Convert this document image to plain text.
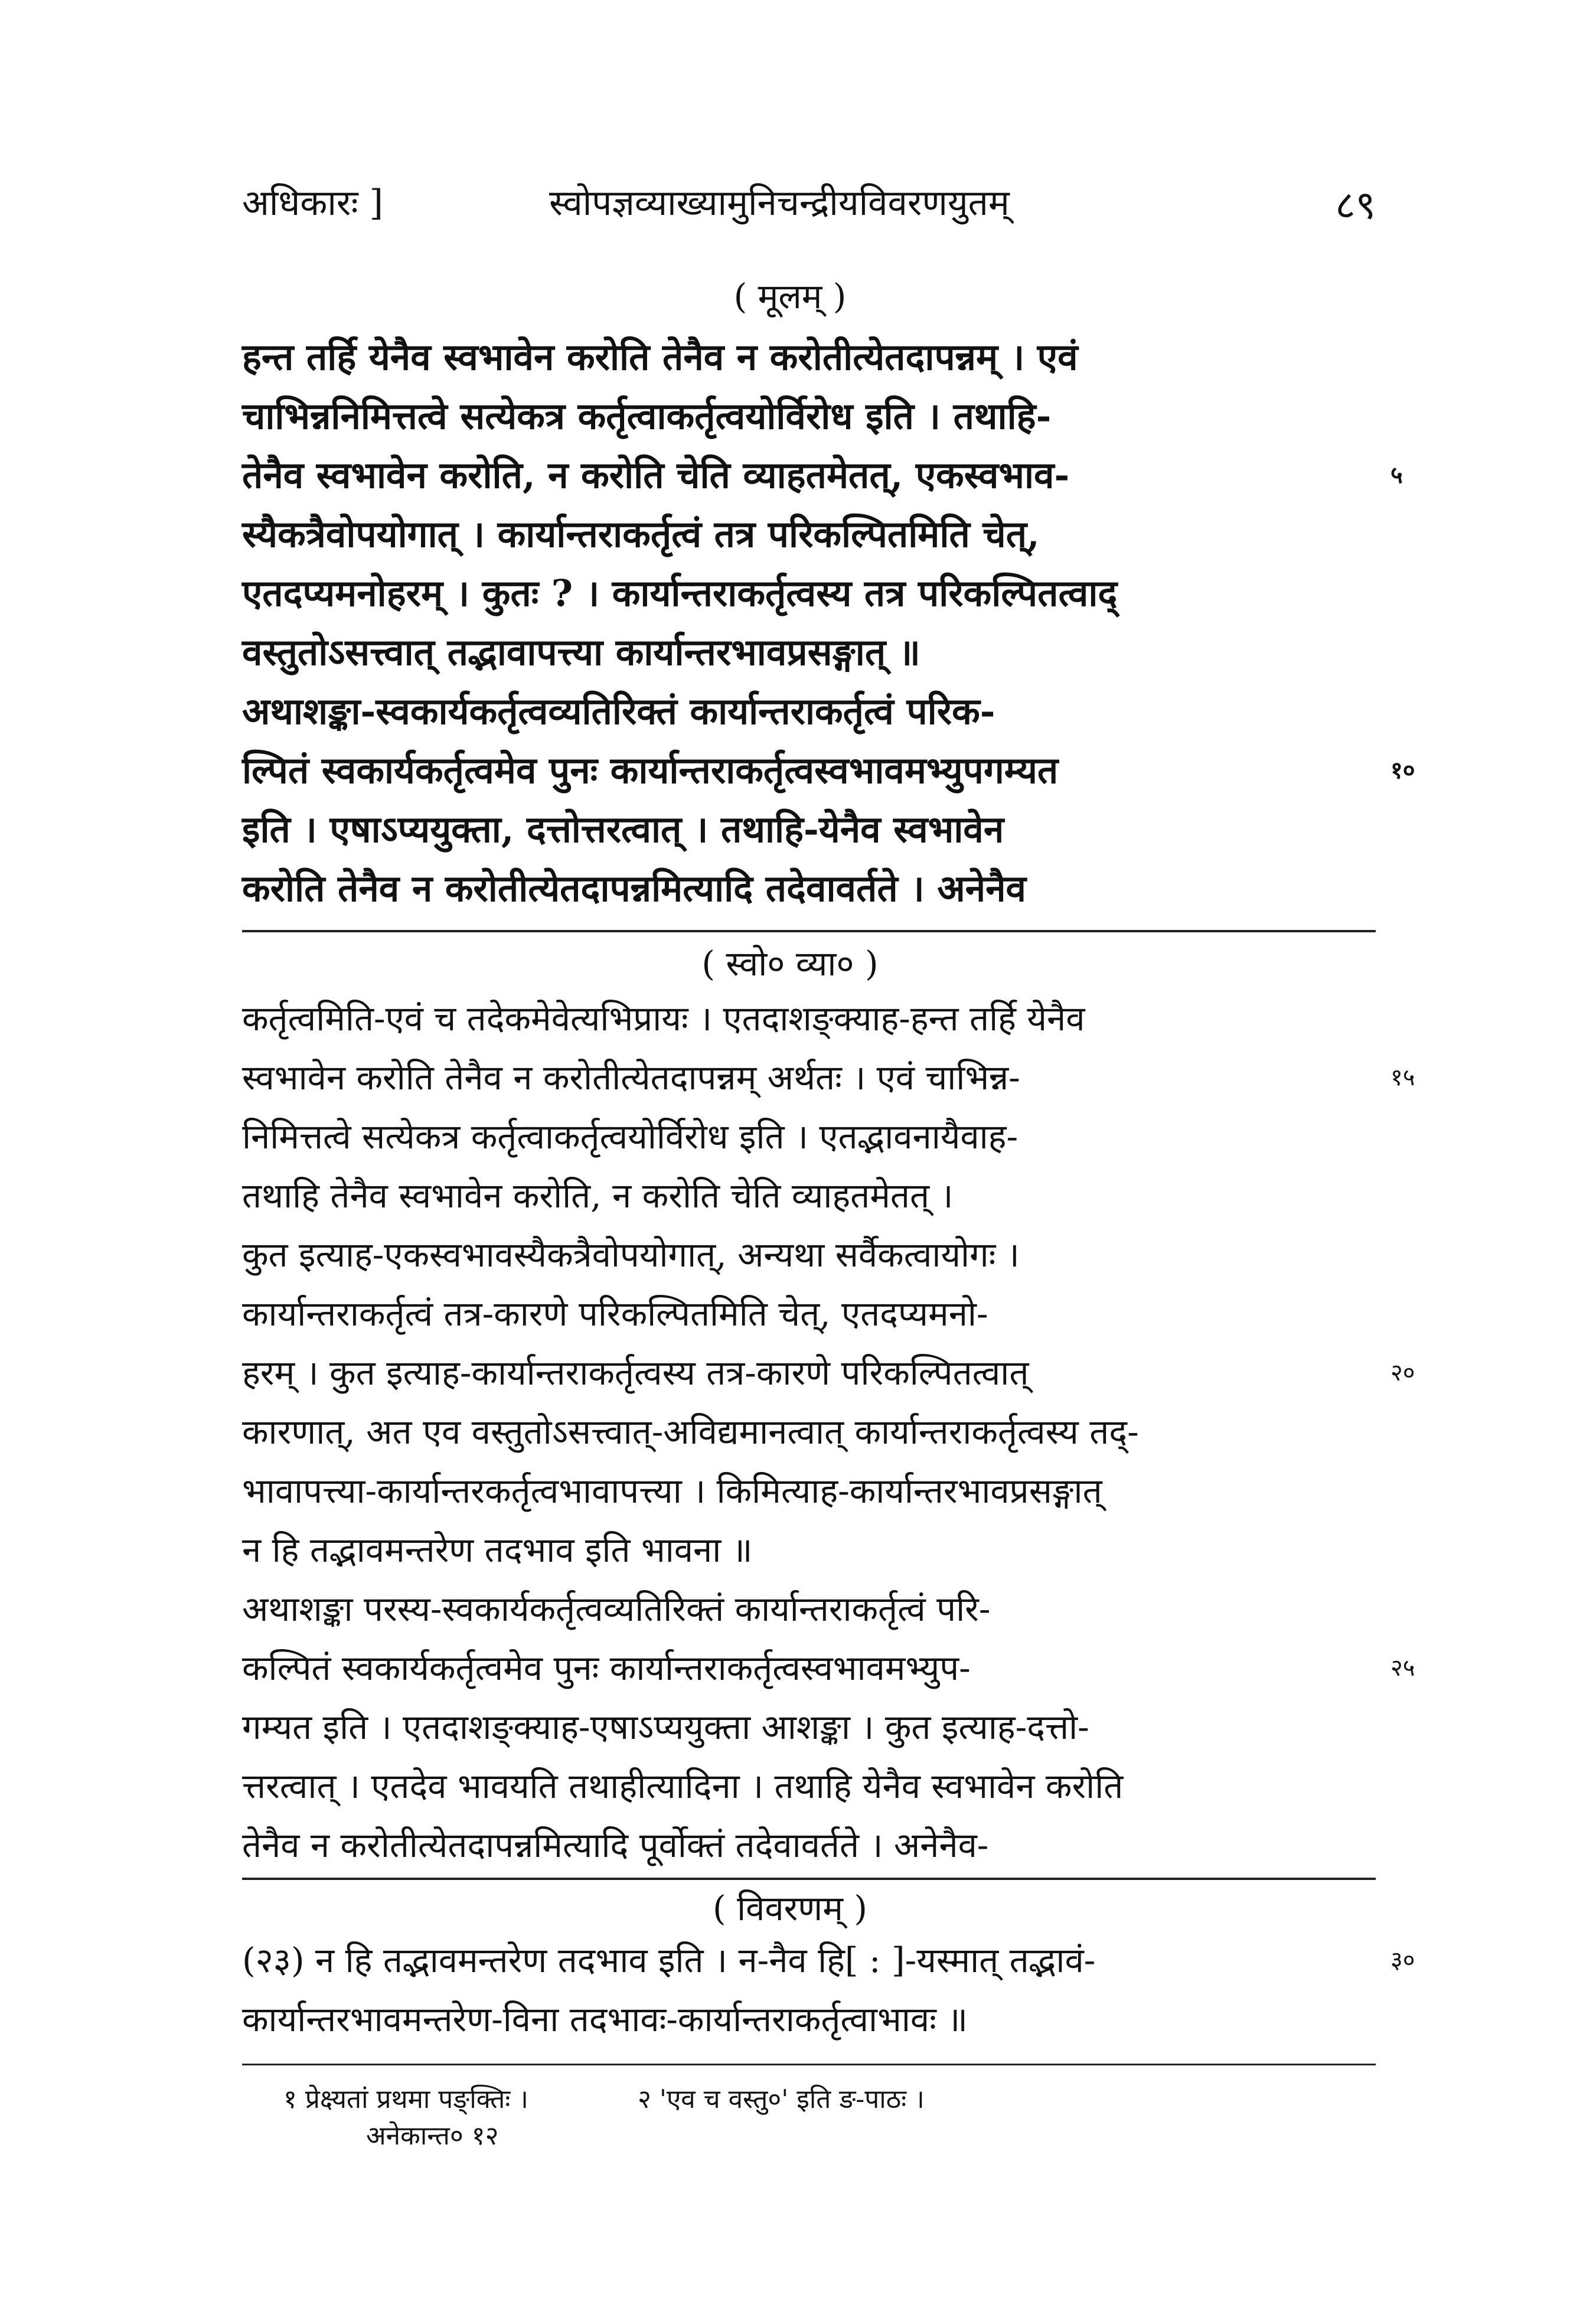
अधिकारः ]	स्वोपज्ञव्याख्यामुनिचन्द्रीयविवरणयुतम्	८९
( मूलम् )
हन्त तर्हि येनैव स्वभावेन करोति तेनैव न करोतीत्येतदापन्नम् । एवं
चाभिन्ननिमित्तत्वे सत्येकत्र कर्तृत्वाकर्तृत्वयोर्विरोध इति । तथाहि-
तेनैव स्वभावेन करोति, न करोति चेति व्याहतमेतत्, एकस्वभाव-	५
स्यैकत्रैवोपयोगात् । कार्यान्तराकर्तृत्वं तत्र परिकल्पितमिति चेत्,
एतदप्यमनोहरम् । कुतः ? । कार्यान्तराकर्तृत्वस्य तत्र परिकल्पितत्वाद्
वस्तुतोऽसत्त्वात् तद्भावापत्त्या कार्यान्तरभावप्रसङ्गात् ॥
अथाशङ्का-स्वकार्यकर्तृत्वव्यतिरिक्तं कार्यान्तराकर्तृत्वं परिक-
ल्पितं स्वकार्यकर्तृत्वमेव पुनः कार्यान्तराकर्तृत्वस्वभावमभ्युपगम्यत	१०
इति । एषाऽप्ययुक्ता, दत्तोत्तरत्वात् । तथाहि-येनैव स्वभावेन
करोति तेनैव न करोतीत्येतदापन्नमित्यादि तदेवावर्तते । अनेनैव
( स्वो० व्या० )
कर्तृत्वमिति-एवं च तदेकमेवेत्यभिप्रायः । एतदाशङ्क्याह-हन्त तर्हि येनैव
स्वभावेन करोति तेनैव न करोतीत्येतदापन्नम् अर्थतः । एवं चाभिन्न-	१५
निमित्तत्वे सत्येकत्र कर्तृत्वाकर्तृत्वयोर्विरोध इति । एतद्भावनायैवाह-
तथाहि तेनैव स्वभावेन करोति, न करोति चेति व्याहतमेतत् ।
कुत इत्याह-एकस्वभावस्यैकत्रैवोपयोगात्, अन्यथा सर्वैकत्वायोगः ।
कार्यान्तराकर्तृत्वं तत्र-कारणे परिकल्पितमिति चेत्, एतदप्यमनो-
हरम् । कुत इत्याह-कार्यान्तराकर्तृत्वस्य तत्र-कारणे परिकल्पितत्वात्	२०
कारणात्, अत एव वस्तुतोऽसत्त्वात्-अविद्यमानत्वात् कार्यान्तराकर्तृत्वस्य तद्-
भावापत्त्या-कार्यान्तरकर्तृत्वभावापत्त्या । किमित्याह-कार्यान्तरभावप्रसङ्गात्
न हि तद्भावमन्तरेण तदभाव इति भावना ॥
अथाशङ्का परस्य-स्वकार्यकर्तृत्वव्यतिरिक्तं कार्यान्तराकर्तृत्वं परि-
कल्पितं स्वकार्यकर्तृत्वमेव पुनः कार्यान्तराकर्तृत्वस्वभावमभ्युप-	२५
गम्यत इति । एतदाशङ्क्याह-एषाऽप्ययुक्ता आशङ्का । कुत इत्याह-दत्तो-
त्तरत्वात् । एतदेव भावयति तथाहीत्यादिना । तथाहि येनैव स्वभावेन करोति
तेनैव न करोतीत्येतदापन्नमित्यादि पूर्वोक्तं तदेवावर्तते । अनेनैव-
( विवरणम् )
(२३) न हि तद्भावमन्तरेण तदभाव इति । न-नैव हि[ : ]-यस्मात् तद्भावं-	३०
कार्यान्तरभावमन्तरेण-विना तदभावः-कार्यान्तराकर्तृत्वाभावः ॥
१ प्रेक्ष्यतां प्रथमा पङ्क्तिः ।	२ 'एव च वस्तु०' इति ङ-पाठः ।
अनेकान्त० १२
